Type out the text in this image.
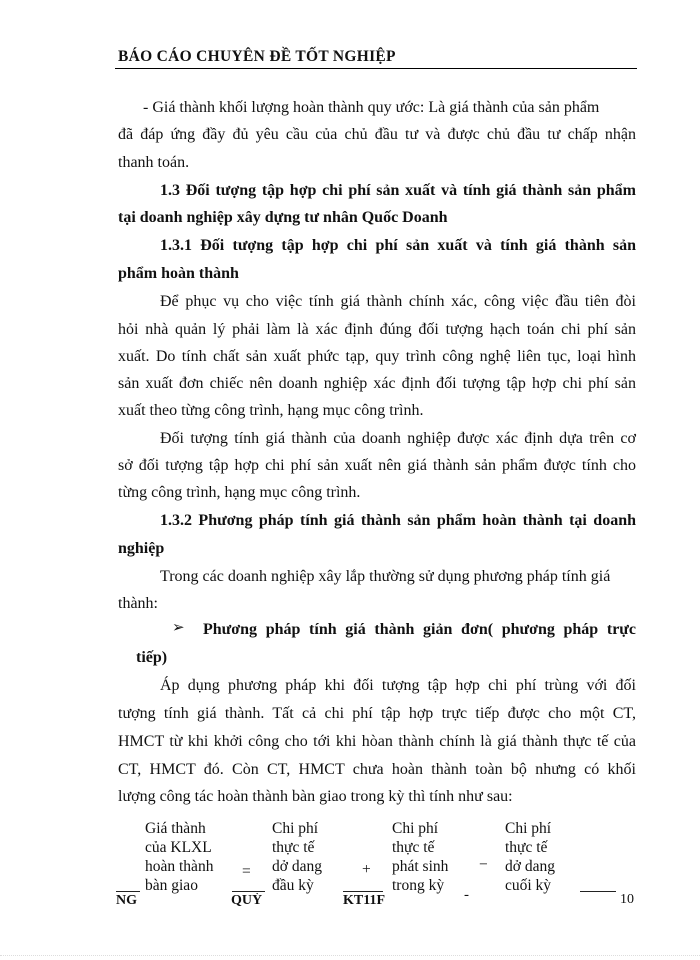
BÁO CÁO CHUYÊN ĐỀ TỐT NGHIỆP
- Giá thành khối lượng hoàn thành quy ước: Là giá thành của sản phẩm
đã đáp ứng đầy đủ yêu cầu của chủ đầu tư và được chủ đầu tư chấp nhận
thanh toán.
1.3 Đối tượng tập hợp chi phí sản xuất và tính giá thành sản phẩm
tại doanh nghiệp xây dựng tư nhân Quốc Doanh
1.3.1 Đối tượng tập hợp chi phí sản xuất và tính giá thành sản
phẩm hoàn thành
Để phục vụ cho việc tính giá thành chính xác, công việc đầu tiên đòi
hỏi nhà quản lý phải làm là xác định đúng đối tượng hạch toán chi phí sản
xuất. Do tính chất sản xuất phức tạp, quy trình công nghệ liên tục, loại hình
sản xuất đơn chiếc nên doanh nghiệp xác định đối tượng tập hợp chi phí sản
xuất theo từng công trình, hạng mục công trình.
Đối tượng tính giá thành của doanh nghiệp được xác định dựa trên cơ
sở đối tượng tập hợp chi phí sản xuất nên giá thành sản phẩm được tính cho
từng công trình, hạng mục công trình.
1.3.2 Phương pháp tính giá thành sản phẩm hoàn thành tại doanh
nghiệp
Trong các doanh nghiệp xây lắp thường sử dụng phương pháp tính giá
thành:
➢ Phương pháp tính giá thành giản đơn( phương pháp trực
tiếp)
Áp dụng phương pháp khi đối tượng tập hợp chi phí trùng với đối
tượng tính giá thành. Tất cả chi phí tập hợp trực tiếp được cho một CT,
HMCT từ khi khởi công cho tới khi hòan thành chính là giá thành thực tế của
CT, HMCT đó. Còn CT, HMCT chưa hoàn thành toàn bộ nhưng có khối
lượng công tác hoàn thành bàn giao trong kỳ thì tính như sau:
Giá thành
của KLXL
hoàn thành
bàn giao
Chi phí
thực tế
dở dang
đầu kỳ
Chi phí
thực tế
phát sinh
trong kỳ
Chi phí
thực tế
dở dang
cuối kỳ
=	+	−
-
NG	QUỲ	KT11F	10
